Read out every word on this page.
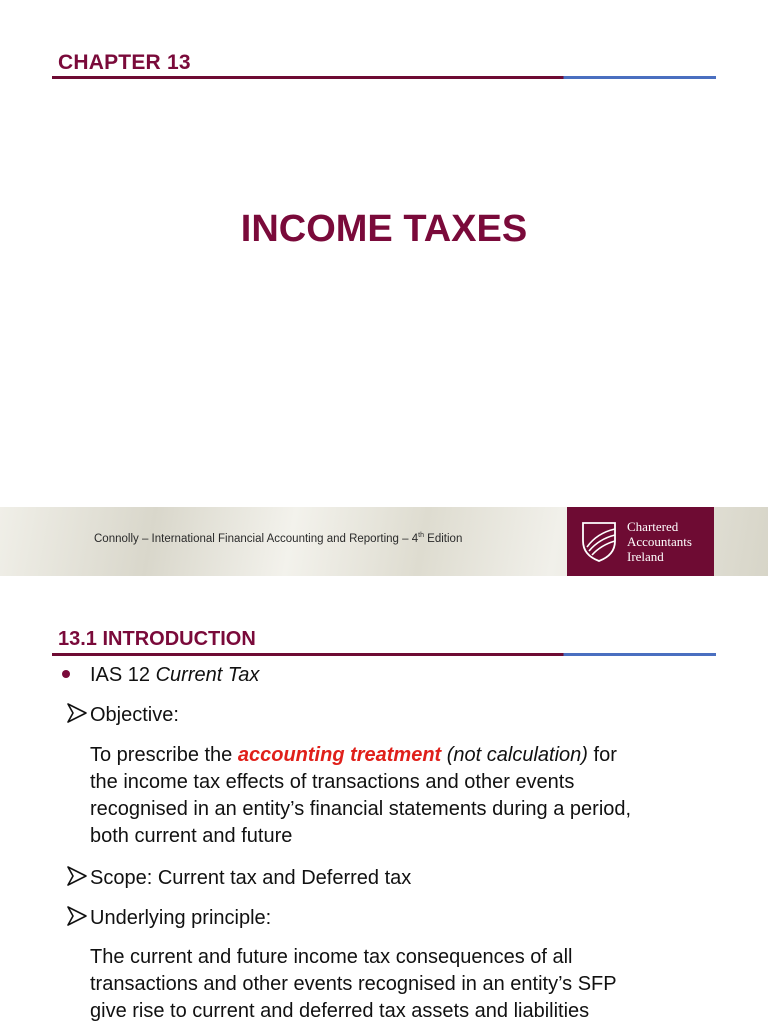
CHAPTER 13
INCOME TAXES
Connolly – International Financial Accounting and Reporting – 4th Edition
Chartered
Accountants
Ireland
13.1 INTRODUCTION
IAS 12 Current Tax
Objective:
To prescribe the accounting treatment (not calculation) for
the income tax effects of transactions and other events
recognised in an entity’s financial statements during a period,
both current and future
Scope: Current tax and Deferred tax
Underlying principle:
The current and future income tax consequences of all
transactions and other events recognised in an entity’s SFP
give rise to current and deferred tax assets and liabilities
